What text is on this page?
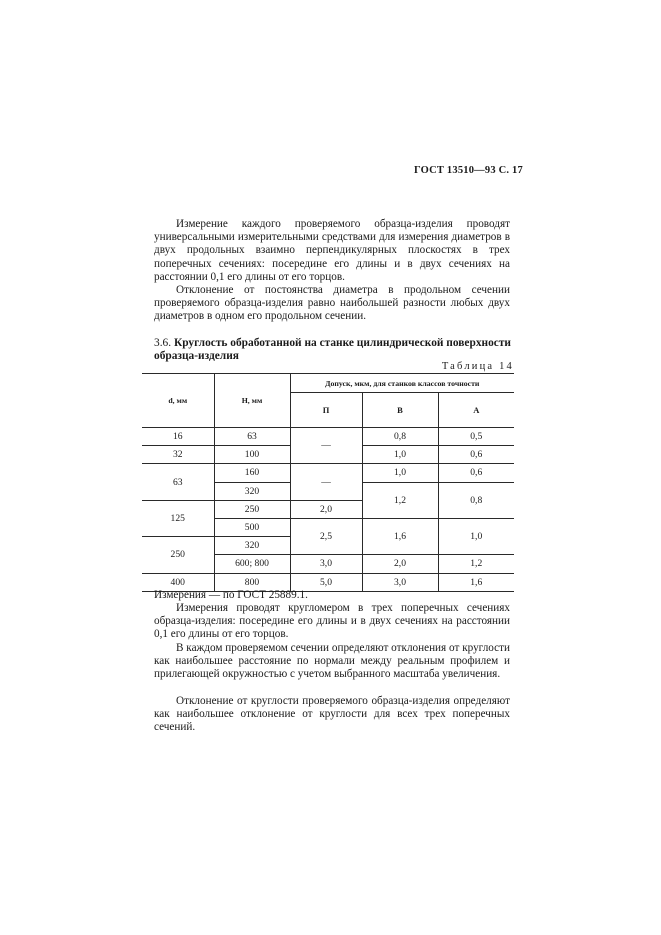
ГОСТ 13510—93 С. 17

Измерение каждого проверяемого образца-изделия проводят универсальными измерительными средствами для измерения диаметров в двух продольных взаимно перпендикулярных плоскостях в трех поперечных сечениях: посередине его длины и в двух сечениях на расстоянии 0,1 его длины от его торцов.

Отклонение от постоянства диаметра в продольном сечении проверяемого образца-изделия равно наибольшей разности любых двух диаметров в одном его продольном сечении.

3.6. Круглость обработанной на станке цилиндрической поверхности образца-изделия

Таблица 14
d, мм	H, мм	Допуск, мкм, для станков классов точности		
		П	В	А
16	63	—	0,8	0,5
32	100		1,0	0,6
63	160	—	1,0	0,6
	320		1,2	0,8
125	250	2,0		
	500	2,5	1,6	1,0
250	320			
	600; 800	3,0	2,0	1,2
400	800	5,0	3,0	1,6

Измерения — по ГОСТ 25889.1.

Измерения проводят кругломером в трех поперечных сечениях образца-изделия: посередине его длины и в двух сечениях на расстоянии 0,1 его длины от его торцов.

В каждом проверяемом сечении определяют отклонения от круглости как наибольшее расстояние по нормали между реальным профилем и прилегающей окружностью с учетом выбранного масштаба увеличения.

Отклонение от круглости проверяемого образца-изделия определяют как наибольшее отклонение от круглости для всех трех поперечных сечений.
